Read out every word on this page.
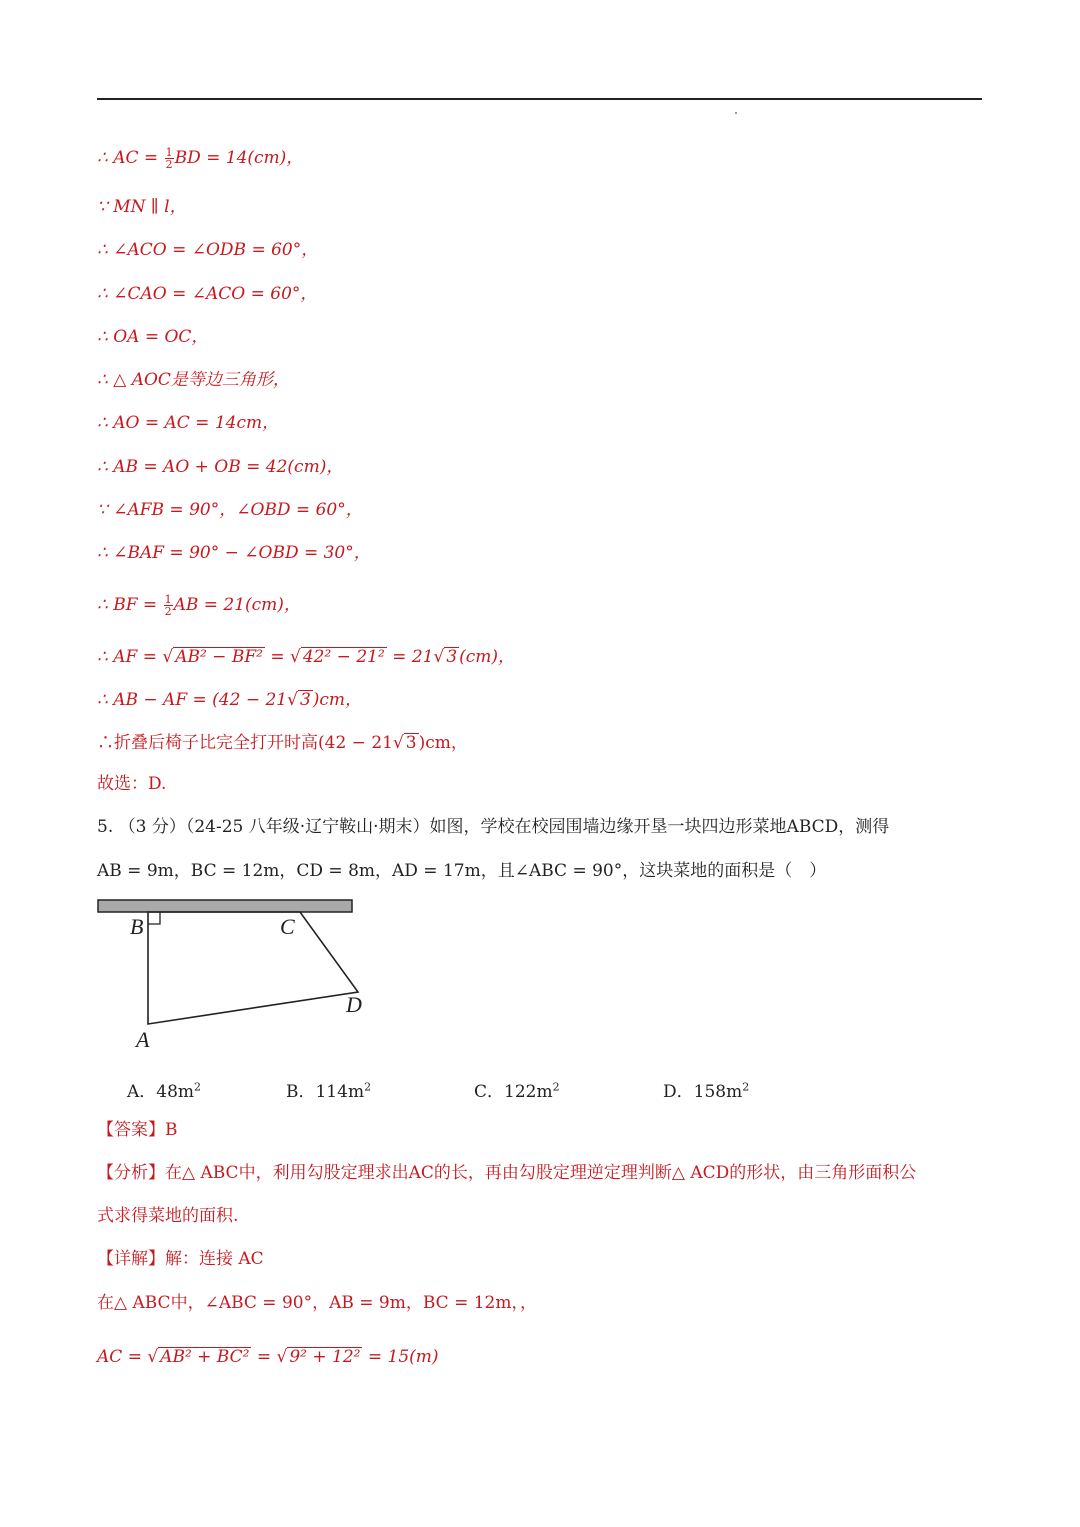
∴ AC = $\frac{1}{2}$ BD = 14(cm)，
∵ MN ∥ l，
∴ ∠ACO = ∠ODB = 60°，
∴ ∠CAO = ∠ACO = 60°，
∴ OA = OC，
∴ △ AOC是等边三角形，
∴ AO = AC = 14cm，
∴ AB = AO + OB = 42(cm)，
∵ ∠AFB = 90°，∠OBD = 60°，
∴ ∠BAF = 90° − ∠OBD = 30°，
∴ BF = $\frac{1}{2}$ AB = 21(cm)，
∴ AF = √ AB² − BF² = √ 42² − 21² = 21√ 3 (cm)，
∴ AB − AF = (42 − 21√ 3 )cm，
∴折叠后椅子比完全打开时高(42 − 21√ 3 )cm，
故选：D.
5. （3 分）（24-25 八年级·辽宁鞍山·期末）如图，学校在校园围墙边缘开垦一块四边形菜地ABCD，测得
AB = 9m，BC = 12m，CD = 8m，AD = 17m，且∠ABC = 90°，这块菜地的面积是（　）
B	C
D
A
A．$48m^2$	B．$114m^2$	C．$122m^2$	D．$158m^2$
【答案】B
【分析】在△ ABC中，利用勾股定理求出AC的长，再由勾股定理逆定理判断△ ACD的形状，由三角形面积公
式求得菜地的面积.
【详解】解：连接 AC
在△ ABC中，∠ABC = 90°，AB = 9m，BC = 12m，，
AC = √ AB² + BC² = √ 9² + 12² = 15(m)
